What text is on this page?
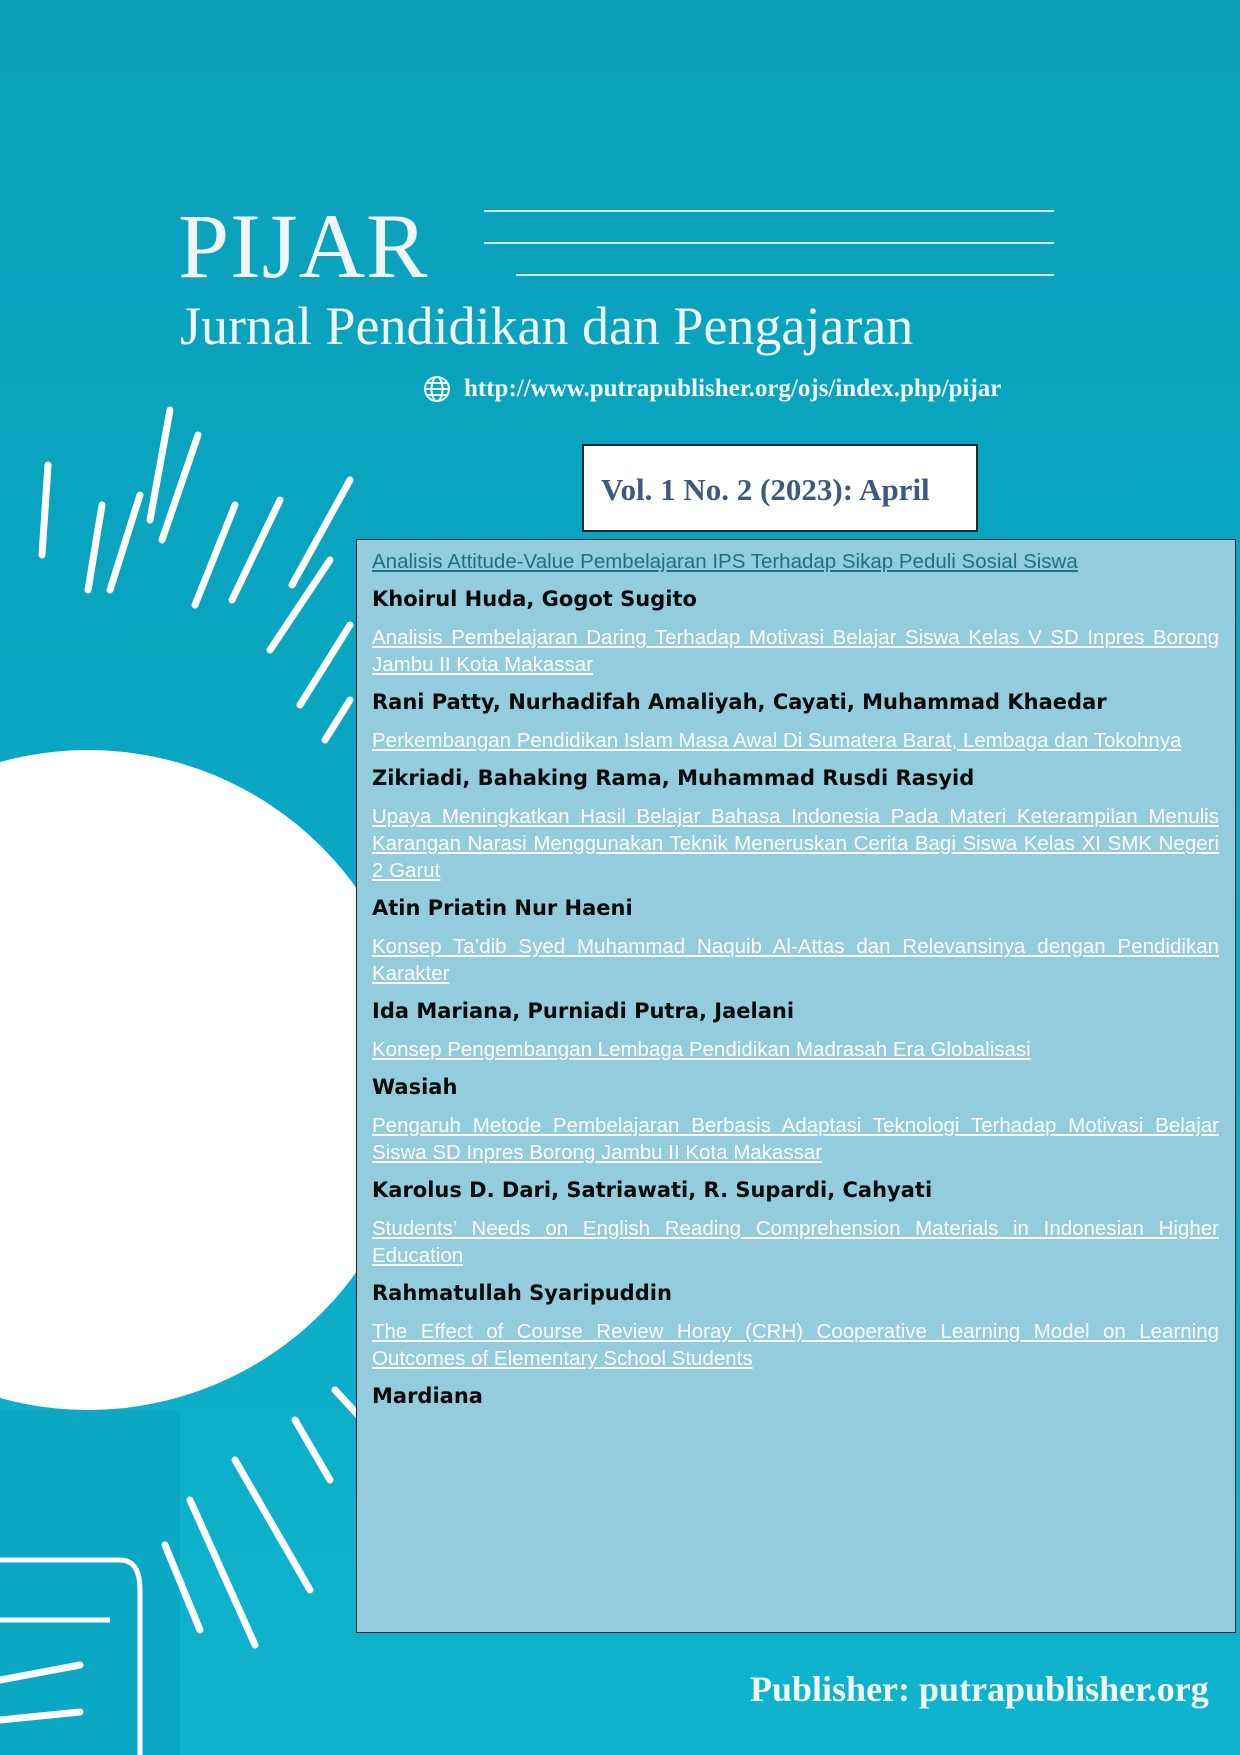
PIJAR
Jurnal Pendidikan dan Pengajaran
http://www.putrapublisher.org/ojs/index.php/pijar
Vol. 1 No. 2 (2023): April
Analisis Attitude-Value Pembelajaran IPS Terhadap Sikap Peduli Sosial Siswa
Khoirul Huda, Gogot Sugito
Analisis Pembelajaran Daring Terhadap Motivasi Belajar Siswa Kelas V SD Inpres Borong Jambu II Kota Makassar
Rani Patty, Nurhadifah Amaliyah, Cayati, Muhammad Khaedar
Perkembangan Pendidikan Islam Masa Awal Di Sumatera Barat, Lembaga dan Tokohnya
Zikriadi, Bahaking Rama, Muhammad Rusdi Rasyid
Upaya Meningkatkan Hasil Belajar Bahasa Indonesia Pada Materi Keterampilan Menulis Karangan Narasi Menggunakan Teknik Meneruskan Cerita Bagi Siswa Kelas XI SMK Negeri 2 Garut
Atin Priatin Nur Haeni
Konsep Ta’dib Syed Muhammad Naquib Al-Attas dan Relevansinya dengan Pendidikan Karakter
Ida Mariana, Purniadi Putra, Jaelani
Konsep Pengembangan Lembaga Pendidikan Madrasah Era Globalisasi
Wasiah
Pengaruh Metode Pembelajaran Berbasis Adaptasi Teknologi Terhadap Motivasi Belajar Siswa SD Inpres Borong Jambu II Kota Makassar
Karolus D. Dari, Satriawati, R. Supardi, Cahyati
Students’ Needs on English Reading Comprehension Materials in Indonesian Higher Education
Rahmatullah Syaripuddin
The Effect of Course Review Horay (CRH) Cooperative Learning Model on Learning Outcomes of Elementary School Students
Mardiana
Publisher: putrapublisher.org
